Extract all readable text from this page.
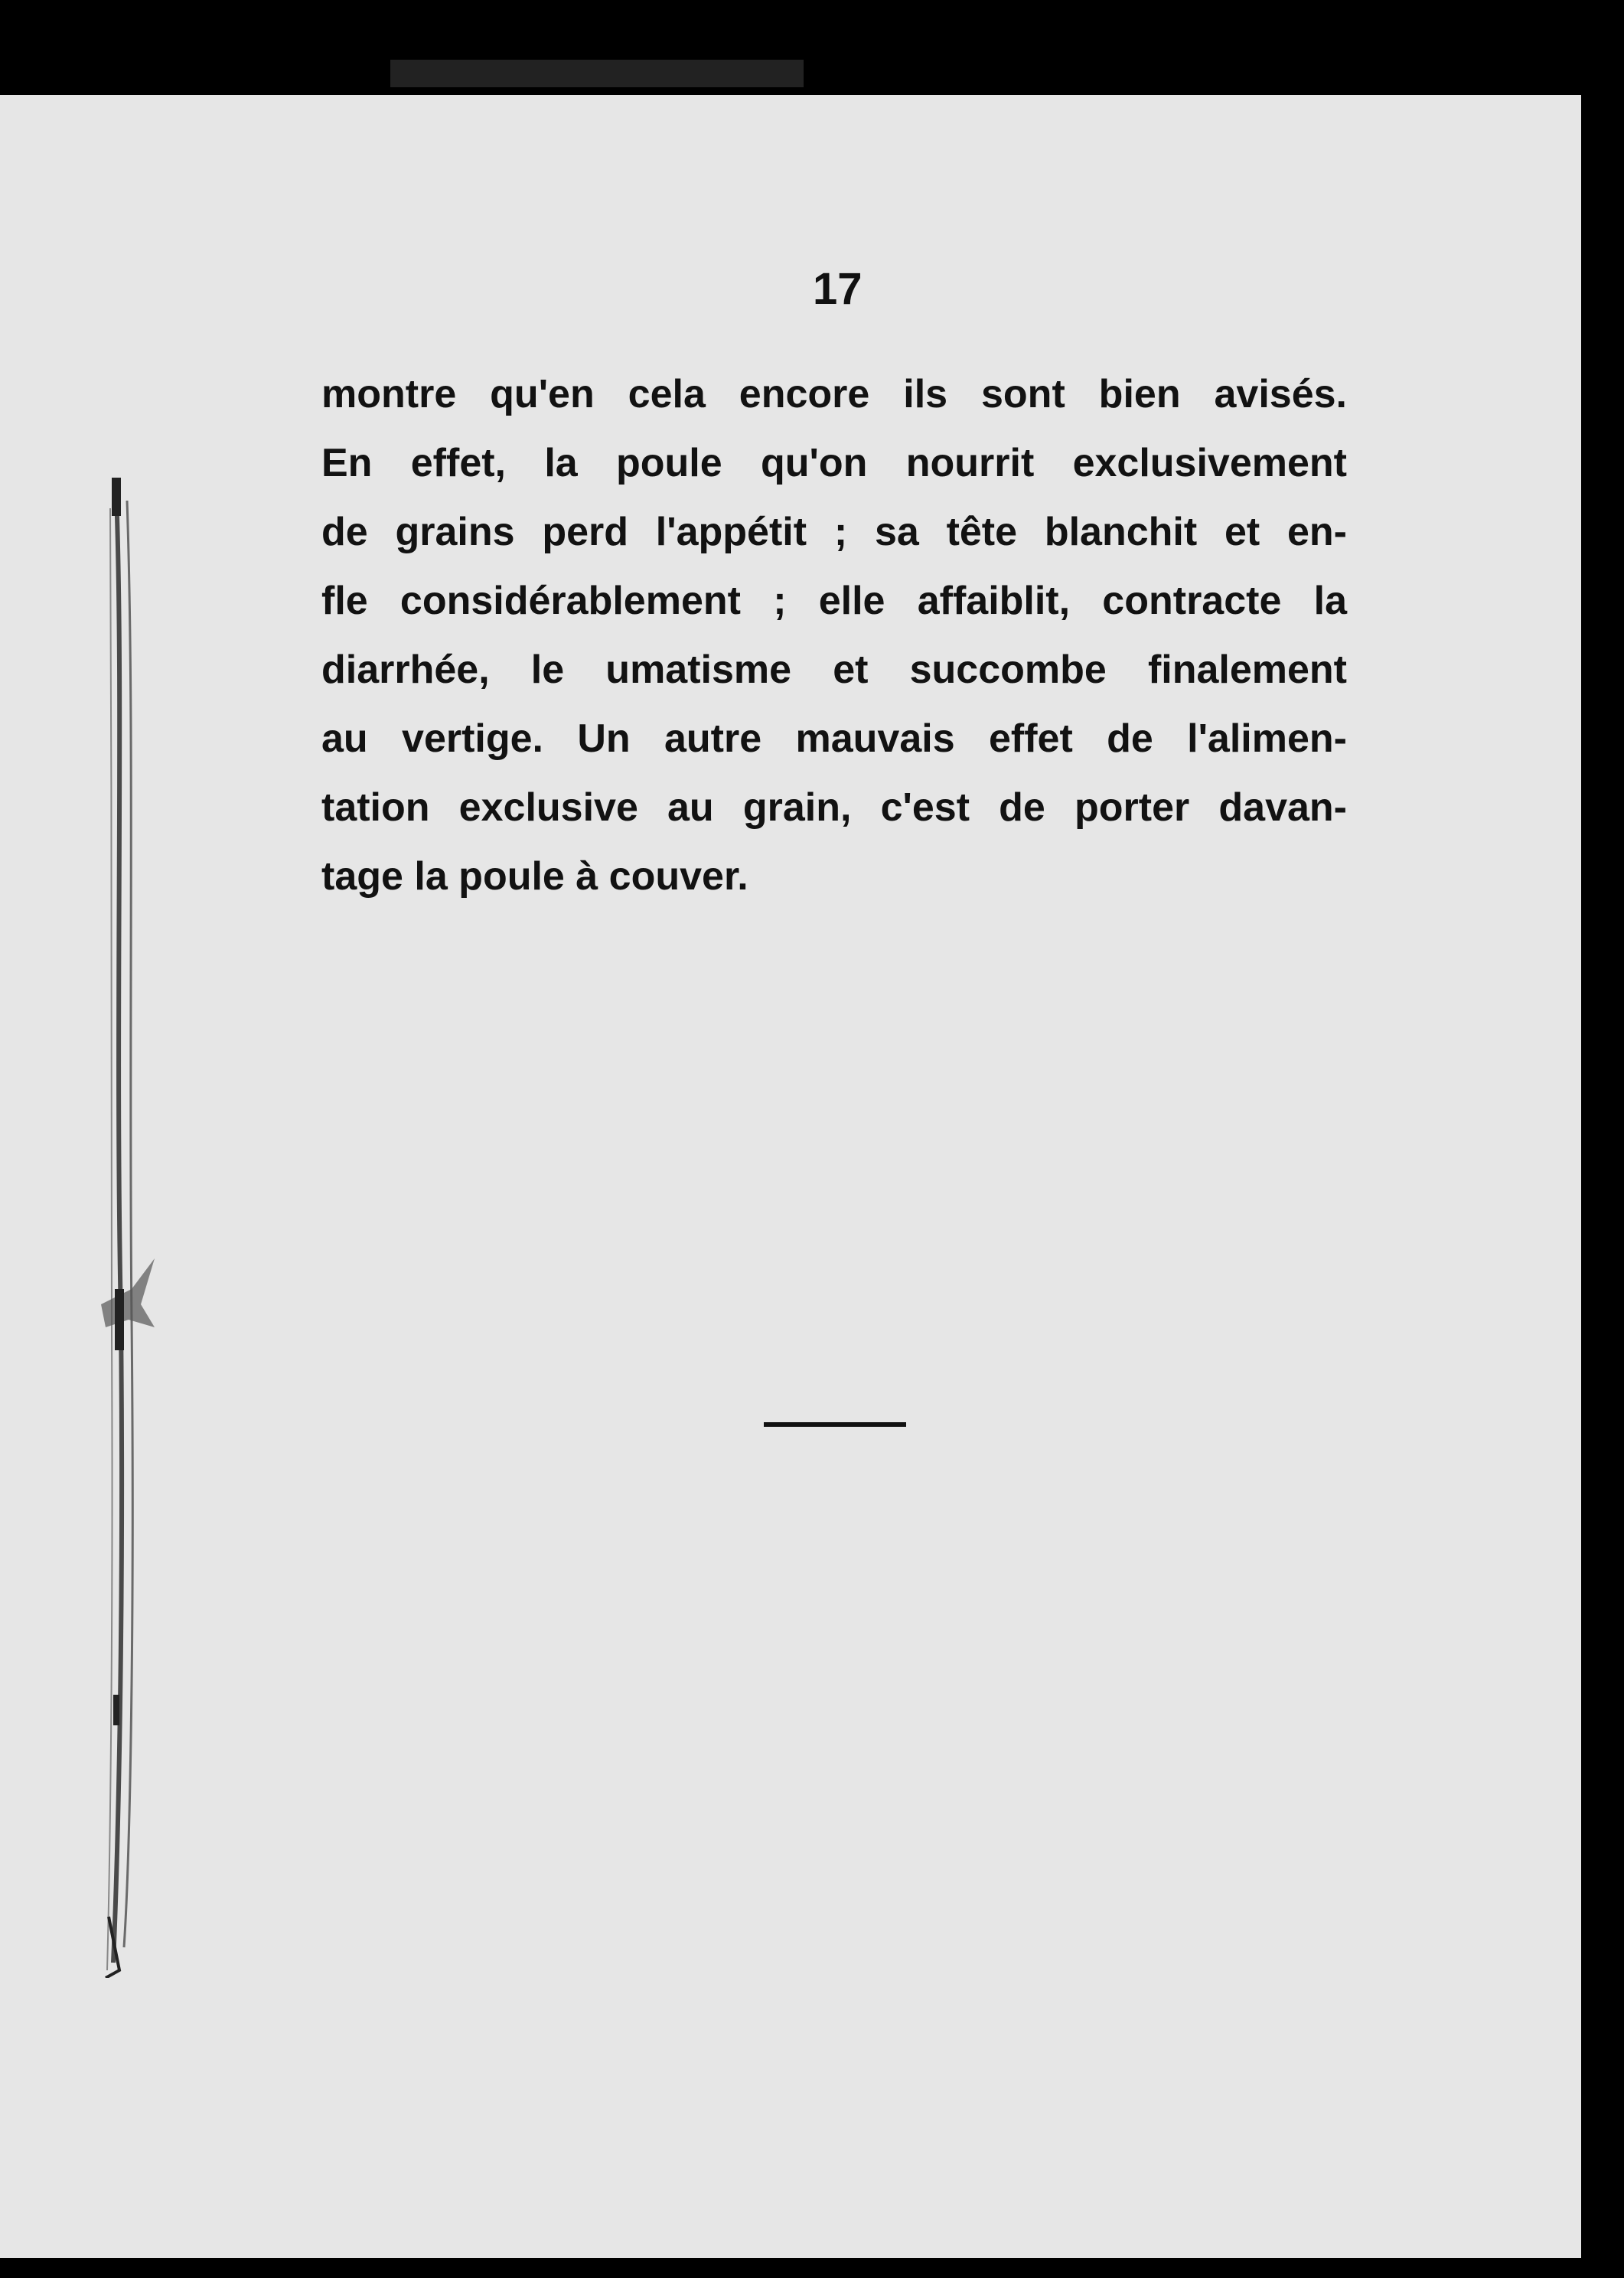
17
montre qu'en cela encore ils sont bien avisés.
En effet, la poule qu'on nourrit exclusivement
de grains perd l'appétit ; sa tête blanchit et en-
fle considérablement ; elle affaiblit, contracte la
diarrhée, le umatisme et succombe finalement
au vertige. Un autre mauvais effet de l'alimen-
tation exclusive au grain, c'est de porter davan-
tage la poule à couver.
